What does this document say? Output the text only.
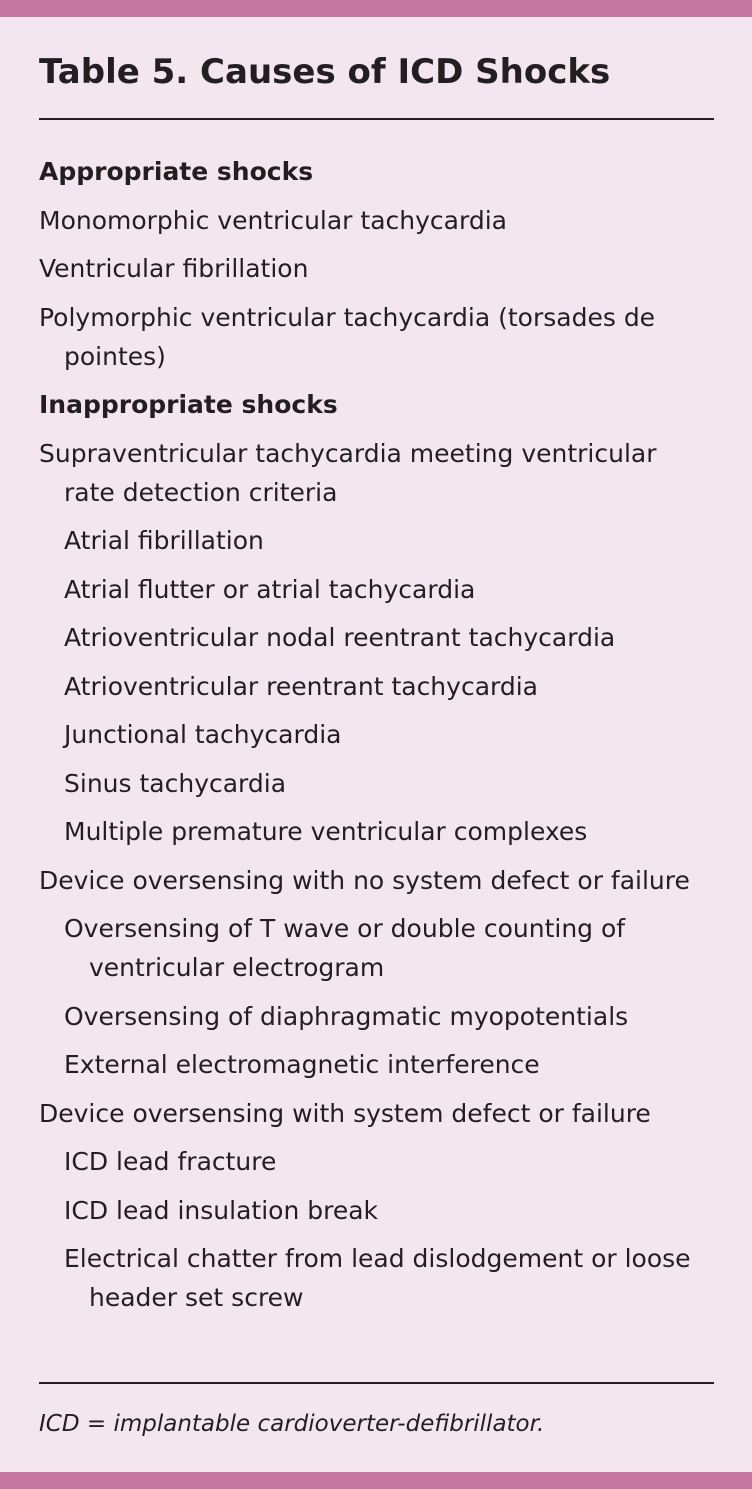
Table 5. Causes of ICD Shocks
Appropriate shocks
Monomorphic ventricular tachycardia
Ventricular fibrillation
Polymorphic ventricular tachycardia (torsades de pointes)
Inappropriate shocks
Supraventricular tachycardia meeting ventricular rate detection criteria
Atrial fibrillation
Atrial flutter or atrial tachycardia
Atrioventricular nodal reentrant tachycardia
Atrioventricular reentrant tachycardia
Junctional tachycardia
Sinus tachycardia
Multiple premature ventricular complexes
Device oversensing with no system defect or failure
Oversensing of T wave or double counting of ventricular electrogram
Oversensing of diaphragmatic myopotentials
External electromagnetic interference
Device oversensing with system defect or failure
ICD lead fracture
ICD lead insulation break
Electrical chatter from lead dislodgement or loose header set screw
ICD = implantable cardioverter-defibrillator.
